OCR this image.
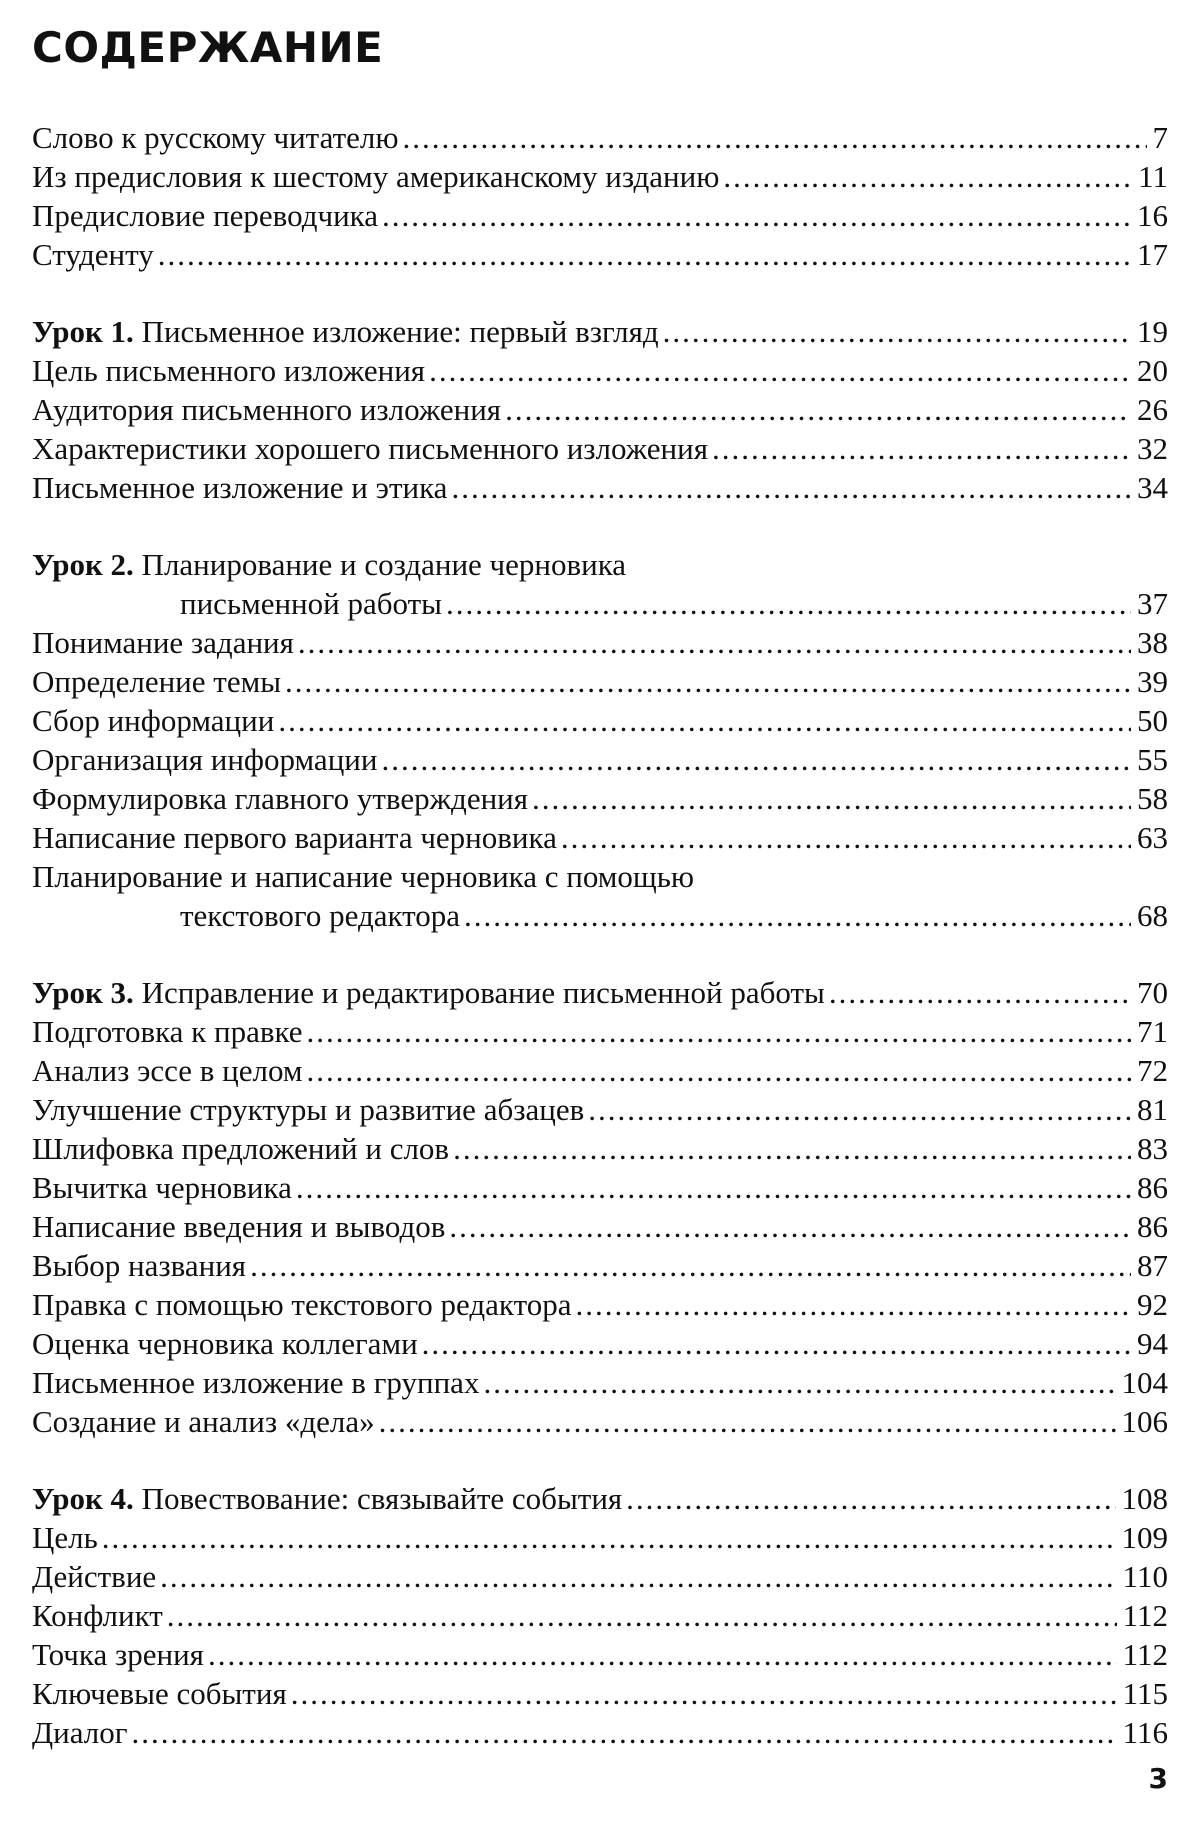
СОДЕРЖАНИЕ
Слово к русскому читателю .....	7
Из предисловия к шестому американскому изданию .....	11
Предисловие переводчика .....	16
Студенту .....	17
Урок 1. Письменное изложение: первый взгляд .....	19
Цель письменного изложения .....	20
Аудитория письменного изложения .....	26
Характеристики хорошего письменного изложения .....	32
Письменное изложение и этика .....	34
Урок 2. Планирование и создание черновика
письменной работы .....	37
Понимание задания .....	38
Определение темы .....	39
Сбор информации .....	50
Организация информации .....	55
Формулировка главного утверждения .....	58
Написание первого варианта черновика .....	63
Планирование и написание черновика с помощью
текстового редактора .....	68
Урок 3. Исправление и редактирование письменной работы .....	70
Подготовка к правке .....	71
Анализ эссе в целом .....	72
Улучшение структуры и развитие абзацев .....	81
Шлифовка предложений и слов .....	83
Вычитка черновика .....	86
Написание введения и выводов .....	86
Выбор названия .....	87
Правка с помощью текстового редактора .....	92
Оценка черновика коллегами .....	94
Письменное изложение в группах .....	104
Создание и анализ «дела» .....	106
Урок 4. Повествование: связывайте события .....	108
Цель .....	109
Действие .....	110
Конфликт .....	112
Точка зрения .....	112
Ключевые события .....	115
Диалог .....	116
3
